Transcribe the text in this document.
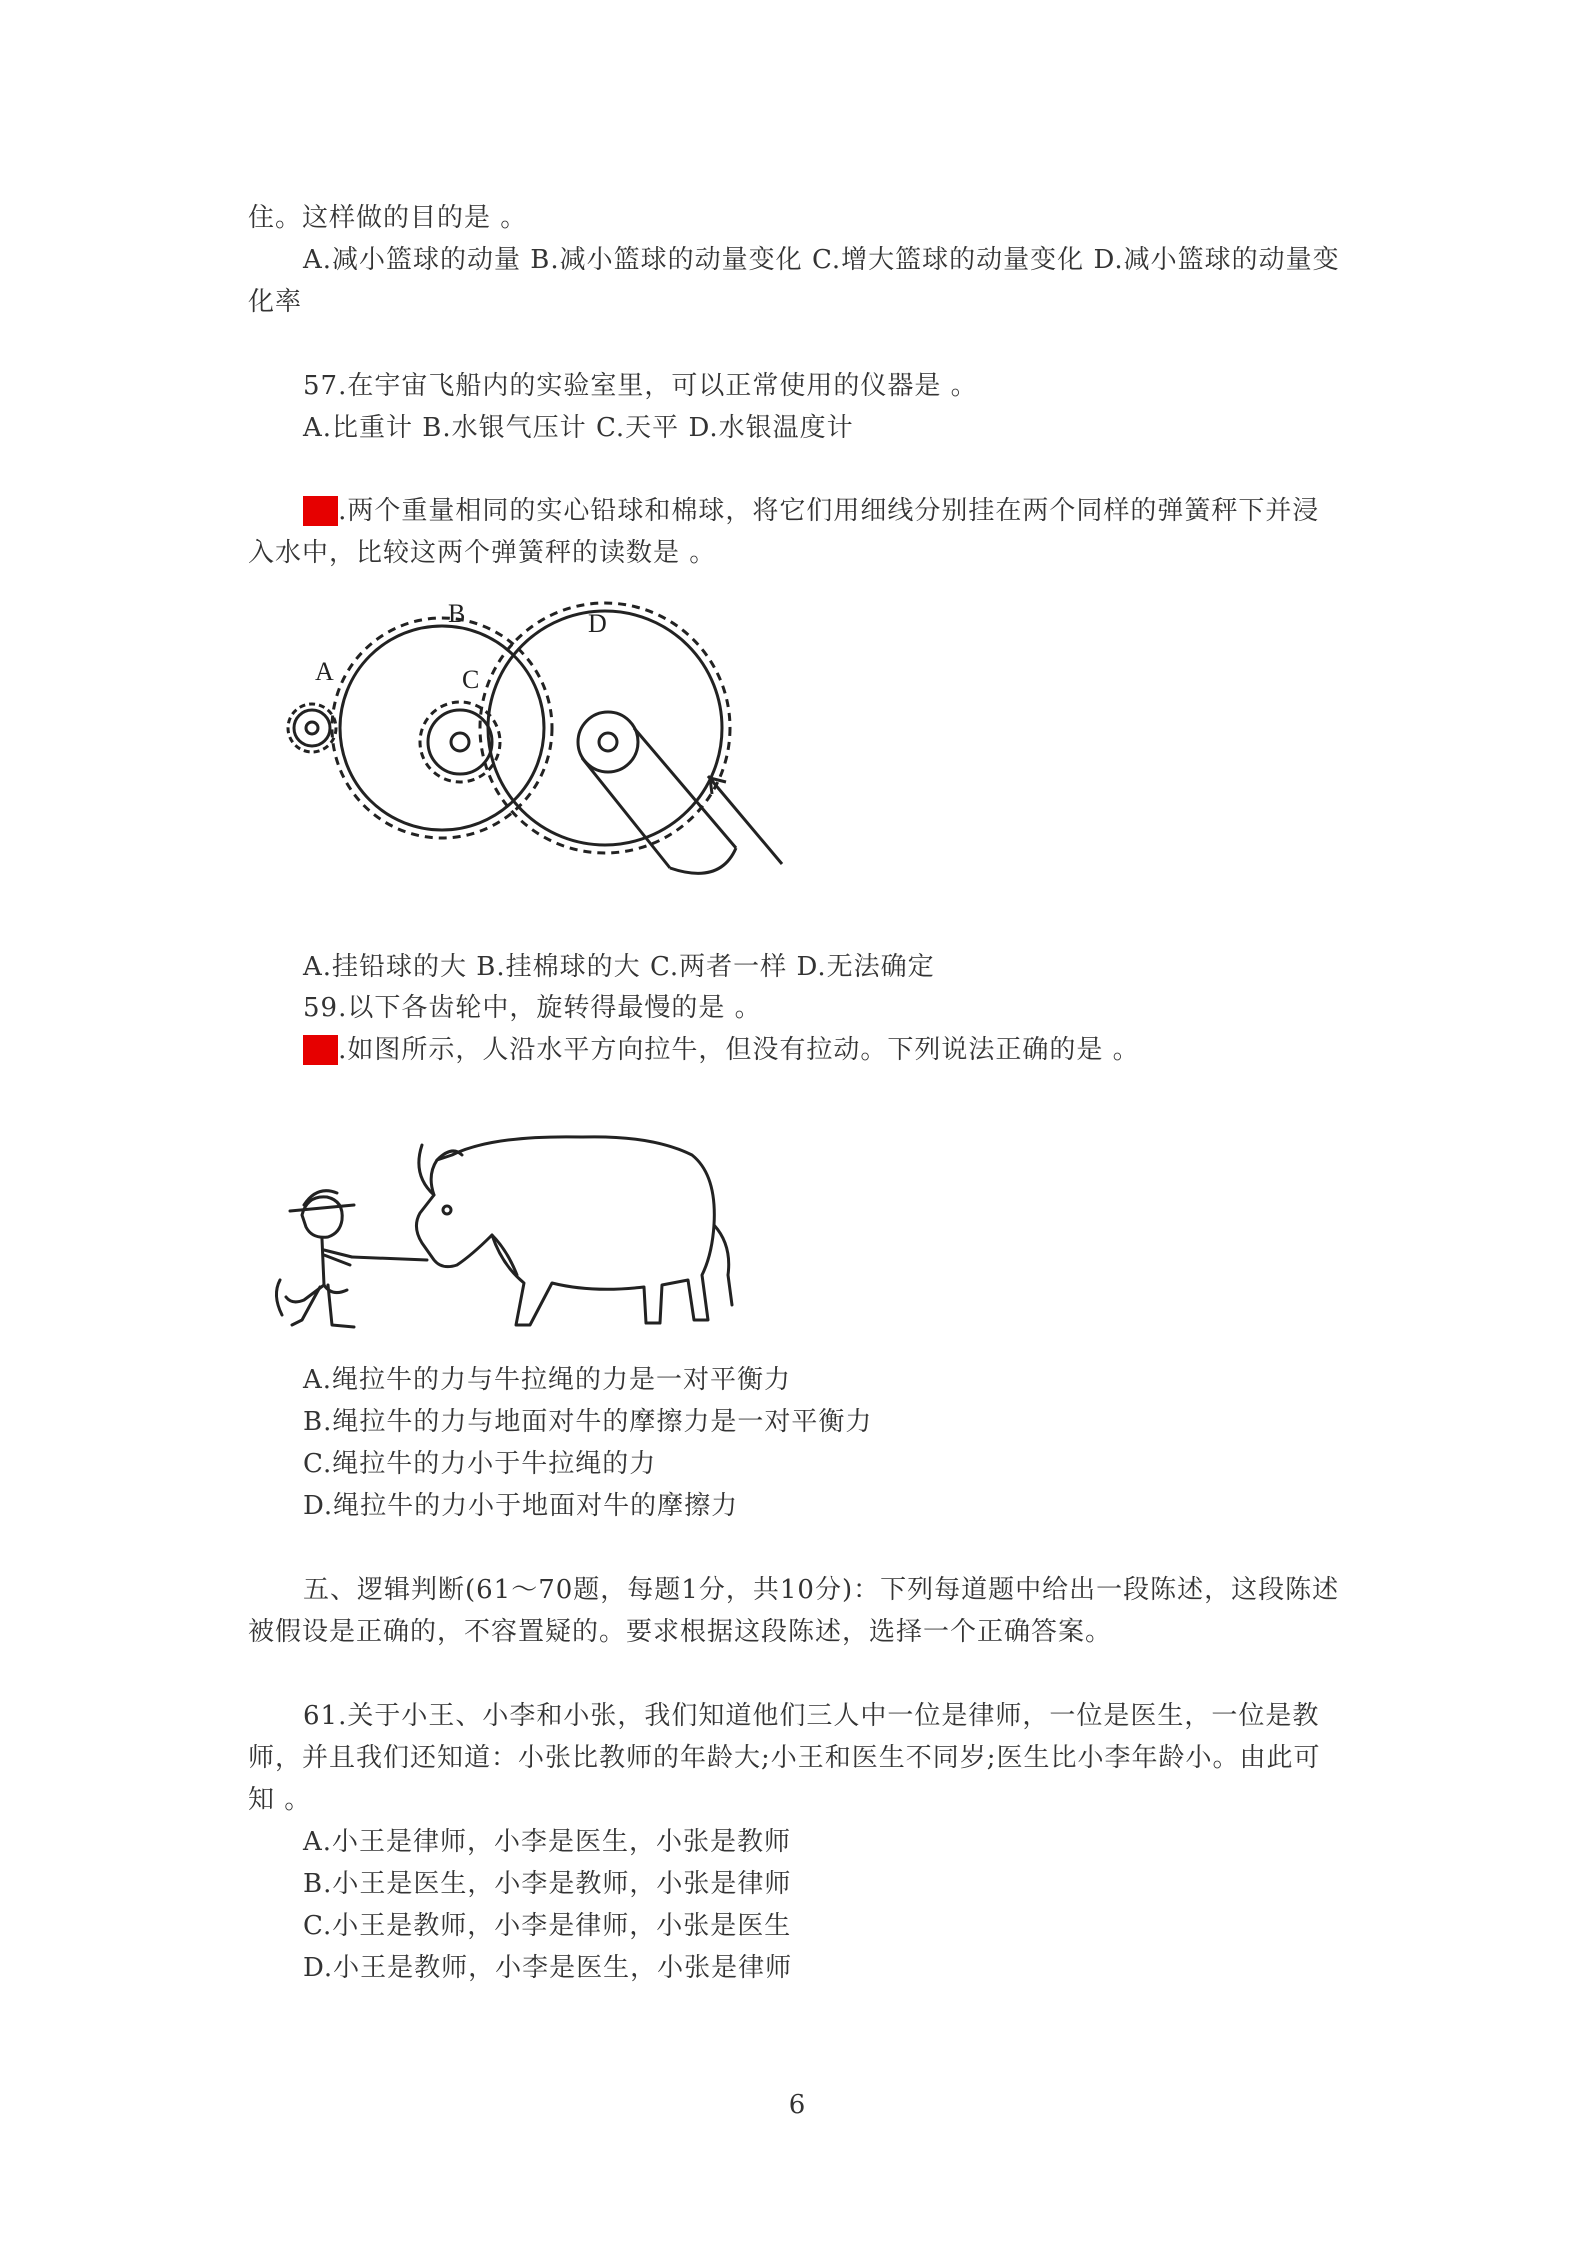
住。这样做的目的是 。
A.减小篮球的动量 B.减小篮球的动量变化 C.增大篮球的动量变化 D.减小篮球的动量变
化率
57.在宇宙飞船内的实验室里，可以正常使用的仪器是 。
A.比重计 B.水银气压计 C.天平 D.水银温度计
58.两个重量相同的实心铅球和棉球，将它们用细线分别挂在两个同样的弹簧秤下并浸
入水中，比较这两个弹簧秤的读数是 。
A
B
C
D
A.挂铅球的大 B.挂棉球的大 C.两者一样 D.无法确定
59.以下各齿轮中，旋转得最慢的是 。
60.如图所示，人沿水平方向拉牛，但没有拉动。下列说法正确的是 。
A.绳拉牛的力与牛拉绳的力是一对平衡力
B.绳拉牛的力与地面对牛的摩擦力是一对平衡力
C.绳拉牛的力小于牛拉绳的力
D.绳拉牛的力小于地面对牛的摩擦力
五、逻辑判断(61～70题，每题1分，共10分)：下列每道题中给出一段陈述，这段陈述
被假设是正确的，不容置疑的。要求根据这段陈述，选择一个正确答案。
61.关于小王、小李和小张，我们知道他们三人中一位是律师，一位是医生，一位是教
师，并且我们还知道：小张比教师的年龄大;小王和医生不同岁;医生比小李年龄小。由此可
知 。
A.小王是律师，小李是医生，小张是教师
B.小王是医生，小李是教师，小张是律师
C.小王是教师，小李是律师，小张是医生
D.小王是教师，小李是医生，小张是律师
6
